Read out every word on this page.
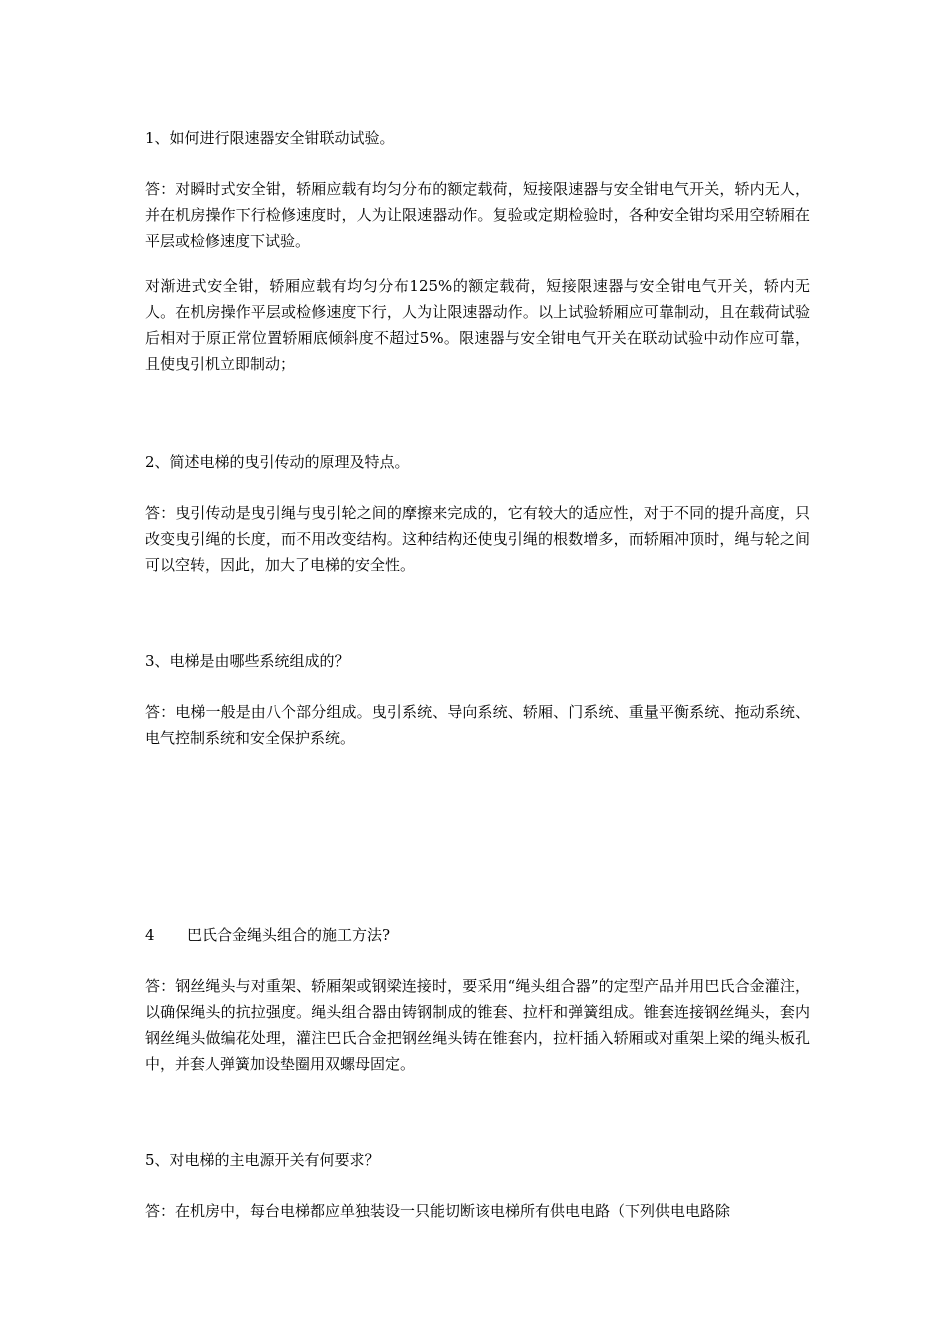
1、如何进行限速器安全钳联动试验。

答：对瞬时式安全钳，轿厢应载有均匀分布的额定载荷，短接限速器与安全钳电气开关，轿内无人，并在机房操作下行检修速度时，人为让限速器动作。复验或定期检验时，各种安全钳均采用空轿厢在平层或检修速度下试验。

对渐进式安全钳，轿厢应载有均匀分布125%的额定载荷，短接限速器与安全钳电气开关，轿内无人。在机房操作平层或检修速度下行，人为让限速器动作。以上试验轿厢应可靠制动，且在载荷试验后相对于原正常位置轿厢底倾斜度不超过5%。限速器与安全钳电气开关在联动试验中动作应可靠，且使曳引机立即制动；

2、简述电梯的曳引传动的原理及特点。

答：曳引传动是曳引绳与曳引轮之间的摩擦来完成的，它有较大的适应性，对于不同的提升高度，只改变曳引绳的长度，而不用改变结构。这种结构还使曳引绳的根数增多，而轿厢冲顶时，绳与轮之间可以空转，因此，加大了电梯的安全性。

3、电梯是由哪些系统组成的？

答：电梯一般是由八个部分组成。曳引系统、导向系统、轿厢、门系统、重量平衡系统、拖动系统、电气控制系统和安全保护系统。

4 巴氏合金绳头组合的施工方法?

答：钢丝绳头与对重架、轿厢架或钢梁连接时，要采用“绳头组合器”的定型产品并用巴氏合金灌注，以确保绳头的抗拉强度。绳头组合器由铸钢制成的锥套、拉杆和弹簧组成。锥套连接钢丝绳头，套内钢丝绳头做编花处理，灌注巴氏合金把钢丝绳头铸在锥套内，拉杆插入轿厢或对重架上梁的绳头板孔中，并套人弹簧加设垫圈用双螺母固定。

5、对电梯的主电源开关有何要求？

答：在机房中，每台电梯都应单独装设一只能切断该电梯所有供电电路（下列供电电路除
